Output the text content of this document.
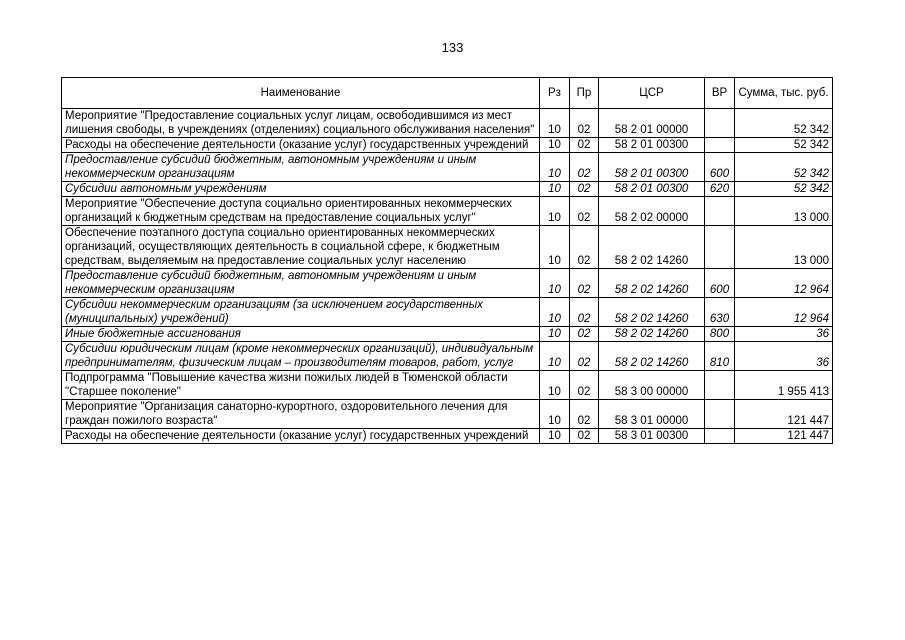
133
Наименование	Рз	Пр	ЦСР	ВР	Сумма, тыс. руб.
Мероприятие "Предоставление социальных услуг лицам, освободившимся из мест лишения свободы, в учреждениях (отделениях) социального обслуживания населения"	10	02	58 2 01 00000		52 342
Расходы на обеспечение деятельности (оказание услуг) государственных учреждений	10	02	58 2 01 00300		52 342
Предоставление субсидий бюджетным, автономным учреждениям и иным некоммерческим организациям	10	02	58 2 01 00300	600	52 342
Субсидии автономным учреждениям	10	02	58 2 01 00300	620	52 342
Мероприятие "Обеспечение доступа социально ориентированных некоммерческих организаций к бюджетным средствам на предоставление социальных услуг"	10	02	58 2 02 00000		13 000
Обеспечение поэтапного доступа социально ориентированных некоммерческих организаций, осуществляющих деятельность в социальной сфере, к бюджетным средствам, выделяемым на предоставление социальных услуг населению	10	02	58 2 02 14260		13 000
Предоставление субсидий бюджетным, автономным учреждениям и иным некоммерческим организациям	10	02	58 2 02 14260	600	12 964
Субсидии некоммерческим организациям (за исключением государственных (муниципальных) учреждений)	10	02	58 2 02 14260	630	12 964
Иные бюджетные ассигнования	10	02	58 2 02 14260	800	36
Субсидии юридическим лицам (кроме некоммерческих организаций), индивидуальным предпринимателям, физическим лицам – производителям товаров, работ, услуг	10	02	58 2 02 14260	810	36
Подпрограмма "Повышение качества жизни пожилых людей в Тюменской области "Старшее поколение"	10	02	58 3 00 00000		1 955 413
Мероприятие "Организация санаторно-курортного, оздоровительного лечения для граждан пожилого возраста"	10	02	58 3 01 00000		121 447
Расходы на обеспечение деятельности (оказание услуг) государственных учреждений	10	02	58 3 01 00300		121 447
